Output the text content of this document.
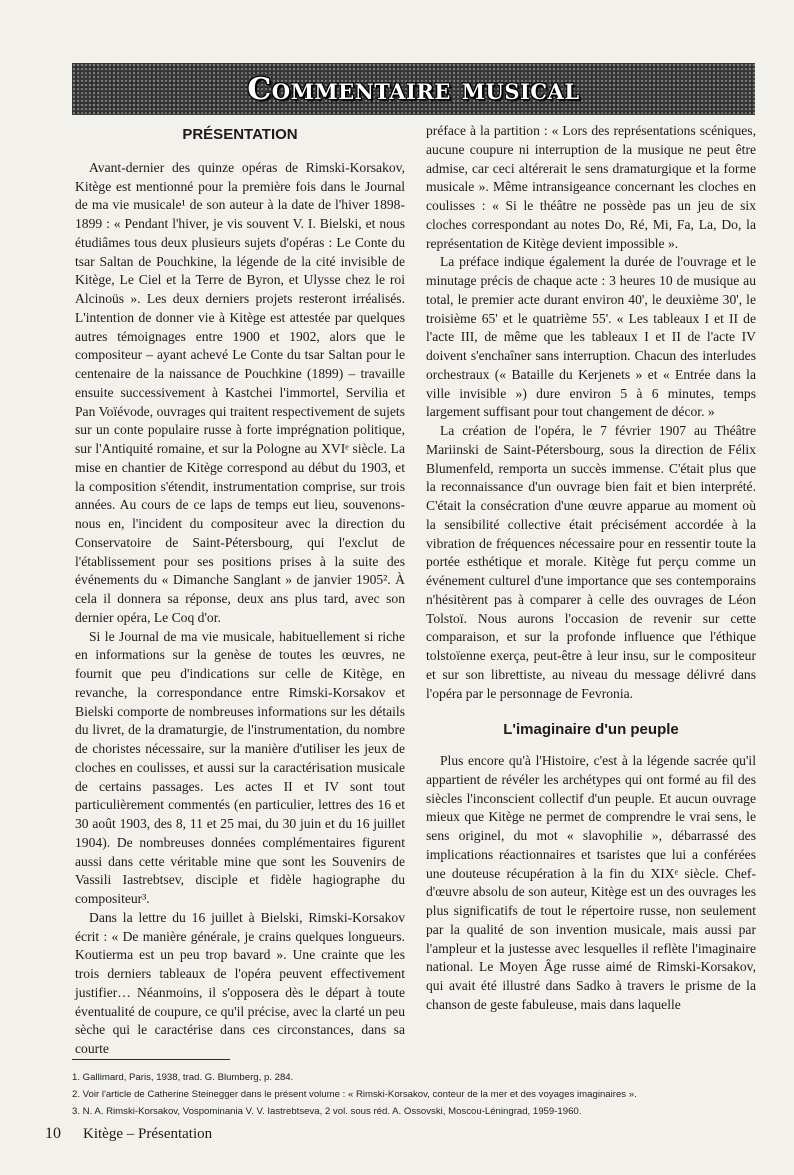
Commentaire musical
PRÉSENTATION

Avant-dernier des quinze opéras de Rimski-Korsakov, Kitège est mentionné pour la première fois dans le Journal de ma vie musicale¹ de son auteur à la date de l'hiver 1898-1899 : « Pendant l'hiver, je vis souvent V. I. Bielski, et nous étudiâmes tous deux plusieurs sujets d'opéras : Le Conte du tsar Saltan de Pouchkine, la légende de la cité invisible de Kitège, Le Ciel et la Terre de Byron, et Ulysse chez le roi Alcinoüs ». Les deux derniers projets resteront irréalisés. L'intention de donner vie à Kitège est attestée par quelques autres témoignages entre 1900 et 1902, alors que le compositeur – ayant achevé Le Conte du tsar Saltan pour le centenaire de la naissance de Pouchkine (1899) – travaille ensuite successivement à Kastchei l'immortel, Servilia et Pan Voïévode, ouvrages qui traitent respectivement de sujets sur un conte populaire russe à forte imprégnation politique, sur l'Antiquité romaine, et sur la Pologne au XVIᵉ siècle. La mise en chantier de Kitège correspond au début du 1903, et la composition s'étendit, instrumentation comprise, sur trois années. Au cours de ce laps de temps eut lieu, souvenons-nous en, l'incident du compositeur avec la direction du Conservatoire de Saint-Pétersbourg, qui l'exclut de l'établissement pour ses positions prises à la suite des événements du « Dimanche Sanglant » de janvier 1905². À cela il donnera sa réponse, deux ans plus tard, avec son dernier opéra, Le Coq d'or.

Si le Journal de ma vie musicale, habituellement si riche en informations sur la genèse de toutes les œuvres, ne fournit que peu d'indications sur celle de Kitège, en revanche, la correspondance entre Rimski-Korsakov et Bielski comporte de nombreuses informations sur les détails du livret, de la dramaturgie, de l'instrumentation, du nombre de choristes nécessaire, sur la manière d'utiliser les jeux de cloches en coulisses, et aussi sur la caractérisation musicale de certains passages. Les actes II et IV sont tout particulièrement commentés (en particulier, lettres des 16 et 30 août 1903, des 8, 11 et 25 mai, du 30 juin et du 16 juillet 1904). De nombreuses données complémentaires figurent aussi dans cette véritable mine que sont les Souvenirs de Vassili Iastrebtsev, disciple et fidèle hagiographe du compositeur³.

Dans la lettre du 16 juillet à Bielski, Rimski-Korsakov écrit : « De manière générale, je crains quelques longueurs. Koutierma est un peu trop bavard ». Une crainte que les trois derniers tableaux de l'opéra peuvent effectivement justifier… Néanmoins, il s'opposera dès le départ à toute éventualité de coupure, ce qu'il précise, avec la clarté un peu sèche qui le caractérise dans ces circonstances, dans sa courte

préface à la partition : « Lors des représentations scéniques, aucune coupure ni interruption de la musique ne peut être admise, car ceci altérerait le sens dramaturgique et la forme musicale ». Même intransigeance concernant les cloches en coulisses : « Si le théâtre ne possède pas un jeu de six cloches correspondant au notes Do, Ré, Mi, Fa, La, Do, la représentation de Kitège devient impossible ».

La préface indique également la durée de l'ouvrage et le minutage précis de chaque acte : 3 heures 10 de musique au total, le premier acte durant environ 40', le deuxième 30', le troisième 65' et le quatrième 55'. « Les tableaux I et II de l'acte III, de même que les tableaux I et II de l'acte IV doivent s'enchaîner sans interruption. Chacun des interludes orchestraux (« Bataille du Kerjenets » et « Entrée dans la ville invisible ») dure environ 5 à 6 minutes, temps largement suffisant pour tout changement de décor. »

La création de l'opéra, le 7 février 1907 au Théâtre Mariinski de Saint-Pétersbourg, sous la direction de Félix Blumenfeld, remporta un succès immense. C'était plus que la reconnaissance d'un ouvrage bien fait et bien interprété. C'était la consécration d'une œuvre apparue au moment où la sensibilité collective était précisément accordée à la vibration de fréquences nécessaire pour en ressentir toute la portée esthétique et morale. Kitège fut perçu comme un événement culturel d'une importance que ses contemporains n'hésitèrent pas à comparer à celle des ouvrages de Léon Tolstoï. Nous aurons l'occasion de revenir sur cette comparaison, et sur la profonde influence que l'éthique tolstoïenne exerça, peut-être à leur insu, sur le compositeur et sur son librettiste, au niveau du message délivré dans l'opéra par le personnage de Fevronia.

L'imaginaire d'un peuple

Plus encore qu'à l'Histoire, c'est à la légende sacrée qu'il appartient de révéler les archétypes qui ont formé au fil des siècles l'inconscient collectif d'un peuple. Et aucun ouvrage mieux que Kitège ne permet de comprendre le vrai sens, le sens originel, du mot « slavophilie », débarrassé des implications réactionnaires et tsaristes que lui a conférées une douteuse récupération à la fin du XIXᵉ siècle. Chef-d'œuvre absolu de son auteur, Kitège est un des ouvrages les plus significatifs de tout le répertoire russe, non seulement par la qualité de son invention musicale, mais aussi par l'ampleur et la justesse avec lesquelles il reflète l'imaginaire national. Le Moyen Âge russe aimé de Rimski-Korsakov, qui avait été illustré dans Sadko à travers le prisme de la chanson de geste fabuleuse, mais dans laquelle

1. Gallimard, Paris, 1938, trad. G. Blumberg, p. 284.
2. Voir l'article de Catherine Steinegger dans le présent volume : « Rimski-Korsakov, conteur de la mer et des voyages imaginaires ».
3. N. A. Rimski-Korsakov, Vospominania V. V. Iastrebtseva, 2 vol. sous réd. A. Ossovski, Moscou-Léningrad, 1959-1960.
10 Kitège – Présentation
